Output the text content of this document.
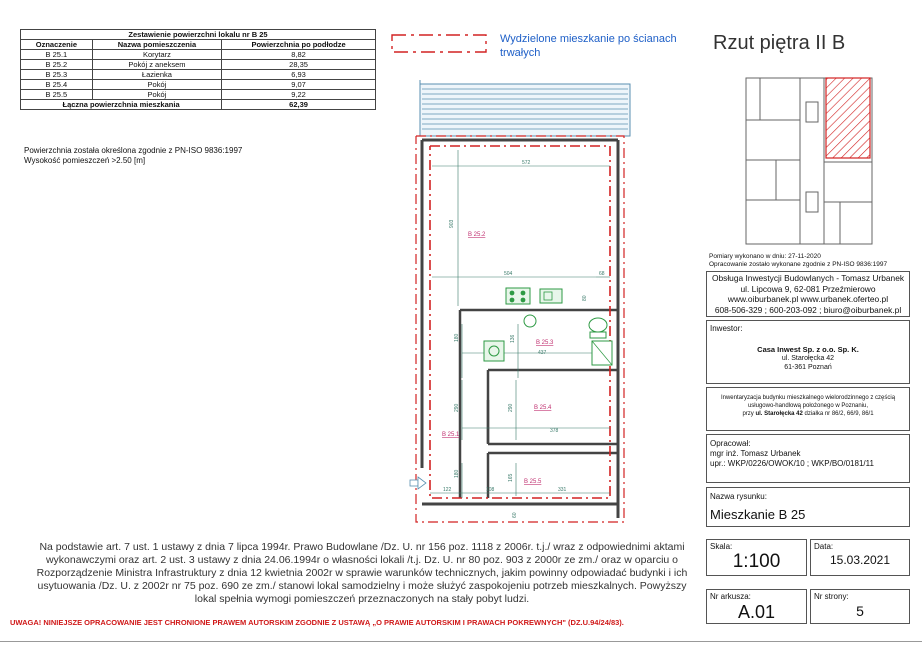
Zestawienie powierzchni lokalu nr B 25		
Oznaczenie	Nazwa pomieszczenia	Powierzchnia po podłodze
B 25.1	Korytarz	8,82
B 25.2	Pokój z aneksem	28,35
B 25.3	Łazienka	6,93
B 25.4	Pokój	9,07
B 25.5	Pokój	9,22
Łączna powierzchnia mieszkania		62,39
Powierzchnia została określona zgodnie z PN-ISO 9836:1997
Wysokość pomieszczeń >2.50 [m]
Wydzielone mieszkanie po ścianach trwałych	Rzut piętra II B
572
903
504	68
80
437
180	136
290	290
378
165
180
122	108	331
60
B 25.2
B 25.3
B 25.4
B 25.1
B 25.5
Pomiary wykonano w dniu: 27-11-2020
Opracowanie zostało wykonane zgodnie z PN-ISO 9836:1997
Obsługa Inwestycji Budowlanych - Tomasz Urbanek
ul. Lipcowa 9, 62-081 Przeźmierowo
www.oiburbanek.pl www.urbanek.oferteo.pl
608-506-329 ; 600-203-092 ; biuro@oiburbanek.pl
Inwestor:
Casa Inwest Sp. z o.o. Sp. K.
ul. Starołęcka 42
61-361 Poznań
Inwentaryzacja budynku mieszkalnego wielorodzinnego z częścią
usługowo-handlową położonego w Poznaniu,
przy ul. Starołęcka 42 działka nr 86/2, 66/9, 86/1
Opracował:
mgr inż. Tomasz Urbanek
upr.: WKP/0226/OWOK/10 ; WKP/BO/0181/11
Nazwa rysunku:
Mieszkanie B 25
Skala:
1:100
Data:
15.03.2021
Nr arkusza:
A.01
Nr strony:
5
Na podstawie art. 7 ust. 1 ustawy z dnia 7 lipca 1994r. Prawo Budowlane /Dz. U. nr 156 poz. 1118 z 2006r. t.j./ wraz z odpowiednimi aktami wykonawczymi oraz art. 2 ust. 3 ustawy z dnia 24.06.1994r o własności lokali /t.j. Dz. U. nr 80 poz. 903 z 2000r ze zm./ oraz w oparciu o Rozporządzenie Ministra Infrastruktury z dnia 12 kwietnia 2002r w sprawie warunków technicznych, jakim powinny odpowiadać budynki i ich usytuowania /Dz. U. z 2002r nr 75 poz. 690 ze zm./ stanowi lokal samodzielny i może służyć zaspokojeniu potrzeb mieszkalnych. Powyższy lokal spełnia wymogi pomieszczeń przeznaczonych na stały pobyt ludzi.
UWAGA! NINIEJSZE OPRACOWANIE JEST CHRONIONE PRAWEM AUTORSKIM ZGODNIE Z USTAWĄ „O PRAWIE AUTORSKIM I PRAWACH POKREWNYCH" (DZ.U.94/24/83).
